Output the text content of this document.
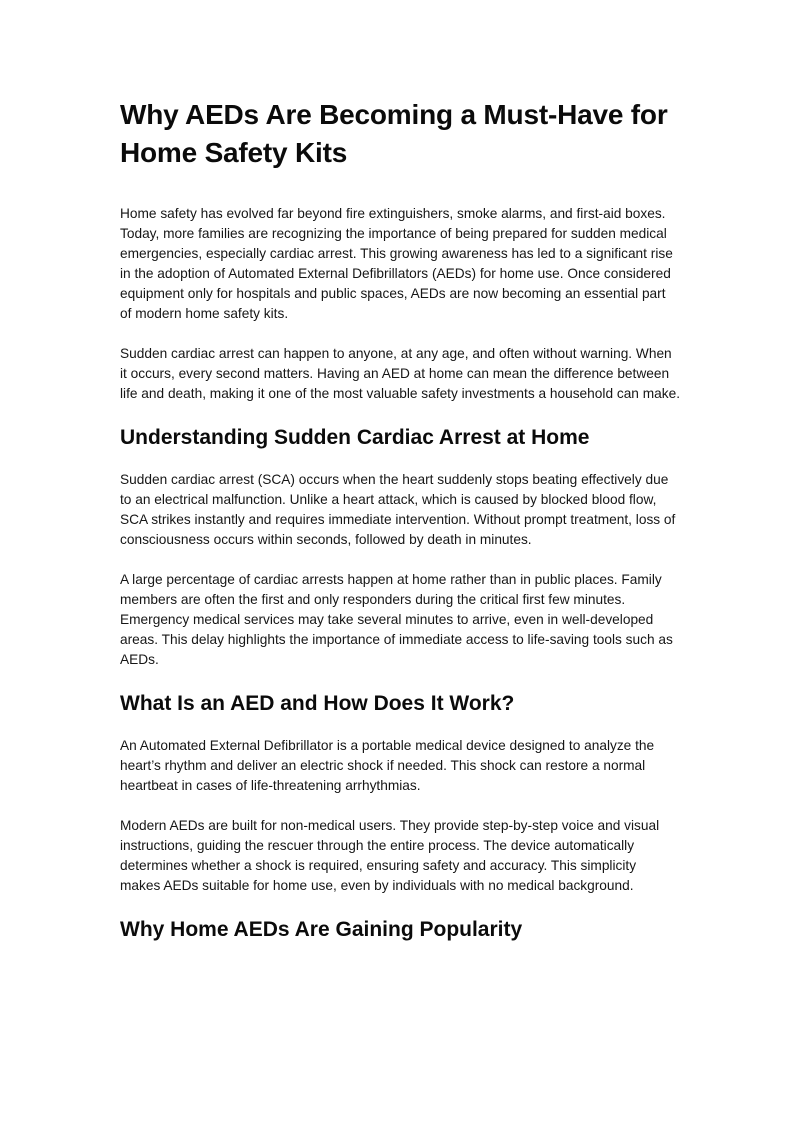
Why AEDs Are Becoming a Must-Have for Home Safety Kits

Home safety has evolved far beyond fire extinguishers, smoke alarms, and first-aid boxes. Today, more families are recognizing the importance of being prepared for sudden medical emergencies, especially cardiac arrest. This growing awareness has led to a significant rise in the adoption of Automated External Defibrillators (AEDs) for home use. Once considered equipment only for hospitals and public spaces, AEDs are now becoming an essential part of modern home safety kits.

Sudden cardiac arrest can happen to anyone, at any age, and often without warning. When it occurs, every second matters. Having an AED at home can mean the difference between life and death, making it one of the most valuable safety investments a household can make.

Understanding Sudden Cardiac Arrest at Home

Sudden cardiac arrest (SCA) occurs when the heart suddenly stops beating effectively due to an electrical malfunction. Unlike a heart attack, which is caused by blocked blood flow, SCA strikes instantly and requires immediate intervention. Without prompt treatment, loss of consciousness occurs within seconds, followed by death in minutes.

A large percentage of cardiac arrests happen at home rather than in public places. Family members are often the first and only responders during the critical first few minutes. Emergency medical services may take several minutes to arrive, even in well-developed areas. This delay highlights the importance of immediate access to life-saving tools such as AEDs.

What Is an AED and How Does It Work?

An Automated External Defibrillator is a portable medical device designed to analyze the heart’s rhythm and deliver an electric shock if needed. This shock can restore a normal heartbeat in cases of life-threatening arrhythmias.

Modern AEDs are built for non-medical users. They provide step-by-step voice and visual instructions, guiding the rescuer through the entire process. The device automatically determines whether a shock is required, ensuring safety and accuracy. This simplicity makes AEDs suitable for home use, even by individuals with no medical background.

Why Home AEDs Are Gaining Popularity
